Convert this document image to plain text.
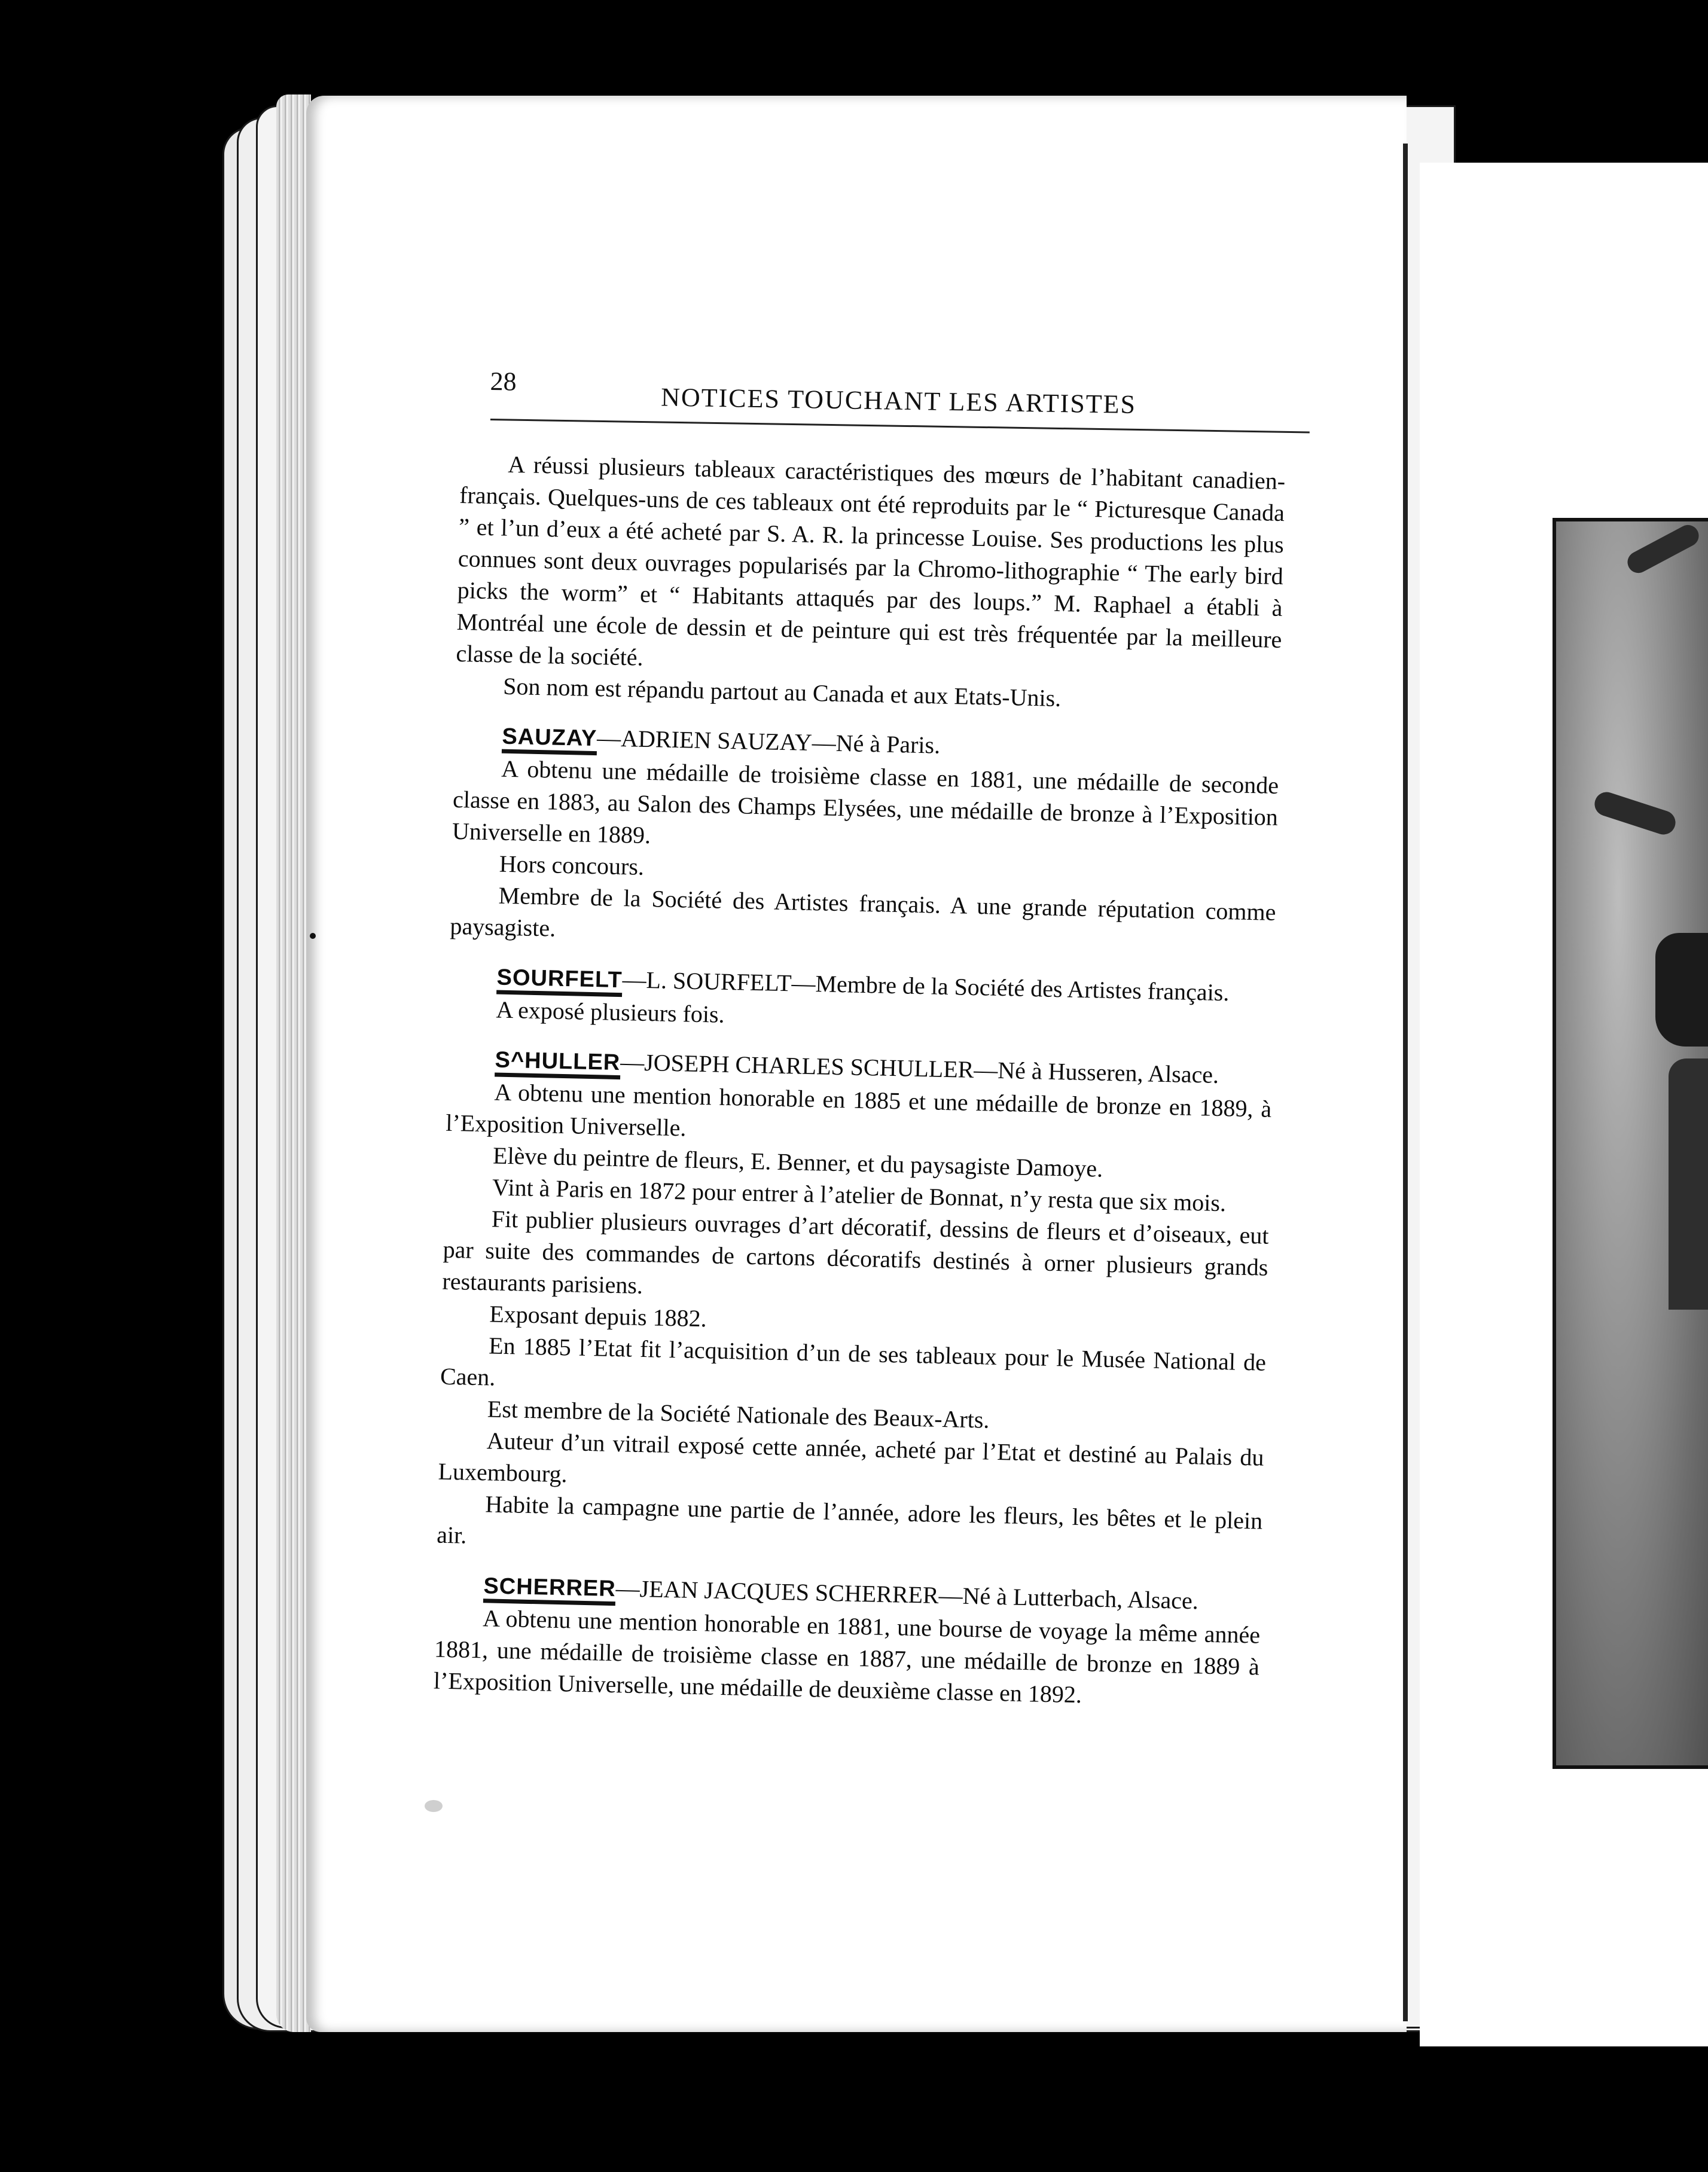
28
NOTICES TOUCHANT LES ARTISTES

A réussi plusieurs tableaux caractéristiques des mœurs de l’habitant canadien-français. Quelques-uns de ces tableaux ont été reproduits par le “ Picturesque Canada ” et l’un d’eux a été acheté par S. A. R. la princesse Louise. Ses productions les plus connues sont deux ouvrages popularisés par la Chromo-lithographie “ The early bird picks the worm” et “ Habitants attaqués par des loups.” M. Raphael a établi à Montréal une école de dessin et de peinture qui est très fréquentée par la meilleure classe de la société.

Son nom est répandu partout au Canada et aux Etats-Unis.

SAUZAY—ADRIEN SAUZAY—Né à Paris.

A obtenu une médaille de troisième classe en 1881, une médaille de seconde classe en 1883, au Salon des Champs Elysées, une médaille de bronze à l’Exposition Universelle en 1889.

Hors concours.

Membre de la Société des Artistes français. A une grande réputation comme paysagiste.

SOURFELT—L. SOURFELT—Membre de la Société des Artistes français.

A exposé plusieurs fois.

S^HULLER—JOSEPH CHARLES SCHULLER—Né à Husseren, Alsace.

A obtenu une mention honorable en 1885 et une médaille de bronze en 1889, à l’Exposition Universelle.

Elève du peintre de fleurs, E. Benner, et du paysagiste Damoye.

Vint à Paris en 1872 pour entrer à l’atelier de Bonnat, n’y resta que six mois.

Fit publier plusieurs ouvrages d’art décoratif, dessins de fleurs et d’oiseaux, eut par suite des commandes de cartons décoratifs destinés à orner plusieurs grands restaurants parisiens.

Exposant depuis 1882.

En 1885 l’Etat fit l’acquisition d’un de ses tableaux pour le Musée National de Caen.

Est membre de la Société Nationale des Beaux-Arts.

Auteur d’un vitrail exposé cette année, acheté par l’Etat et destiné au Palais du Luxembourg.

Habite la campagne une partie de l’année, adore les fleurs, les bêtes et le plein air.

SCHERRER—JEAN JACQUES SCHERRER—Né à Lutterbach, Alsace.

A obtenu une mention honorable en 1881, une bourse de voyage la même année 1881, une médaille de troisième classe en 1887, une médaille de bronze en 1889 à l’Exposition Universelle, une médaille de deuxième classe en 1892.
